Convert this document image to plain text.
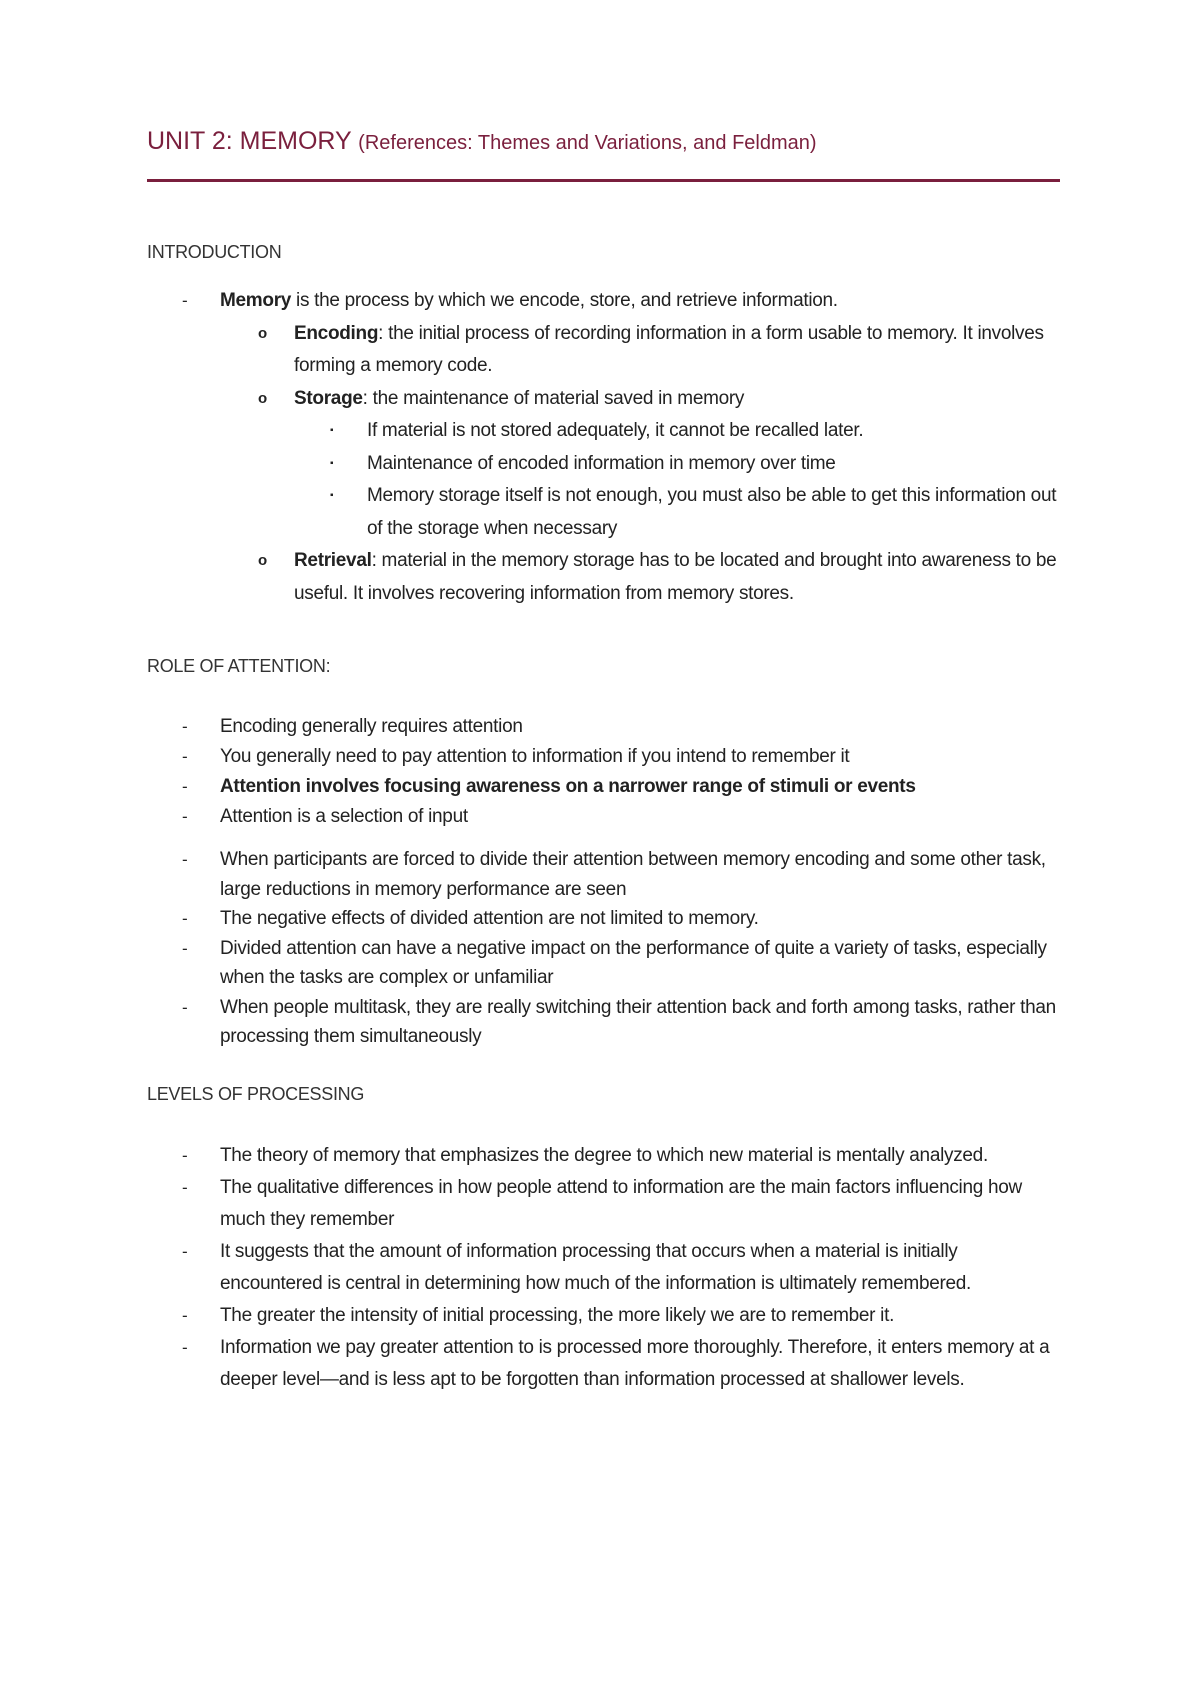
UNIT 2: MEMORY (References: Themes and Variations, and Feldman)
INTRODUCTION
- Memory is the process by which we encode, store, and retrieve information.
o Encoding: the initial process of recording information in a form usable to memory. It involves forming a memory code.
o Storage: the maintenance of material saved in memory
▪ If material is not stored adequately, it cannot be recalled later.
▪ Maintenance of encoded information in memory over time
▪ Memory storage itself is not enough, you must also be able to get this information out of the storage when necessary
o Retrieval: material in the memory storage has to be located and brought into awareness to be useful. It involves recovering information from memory stores.
ROLE OF ATTENTION:
- Encoding generally requires attention
- You generally need to pay attention to information if you intend to remember it
- Attention involves focusing awareness on a narrower range of stimuli or events
- Attention is a selection of input
- When participants are forced to divide their attention between memory encoding and some other task, large reductions in memory performance are seen
- The negative effects of divided attention are not limited to memory.
- Divided attention can have a negative impact on the performance of quite a variety of tasks, especially when the tasks are complex or unfamiliar
- When people multitask, they are really switching their attention back and forth among tasks, rather than processing them simultaneously
LEVELS OF PROCESSING
- The theory of memory that emphasizes the degree to which new material is mentally analyzed.
- The qualitative differences in how people attend to information are the main factors influencing how much they remember
- It suggests that the amount of information processing that occurs when a material is initially encountered is central in determining how much of the information is ultimately remembered.
- The greater the intensity of initial processing, the more likely we are to remember it.
- Information we pay greater attention to is processed more thoroughly. Therefore, it enters memory at a deeper level—and is less apt to be forgotten than information processed at shallower levels.
